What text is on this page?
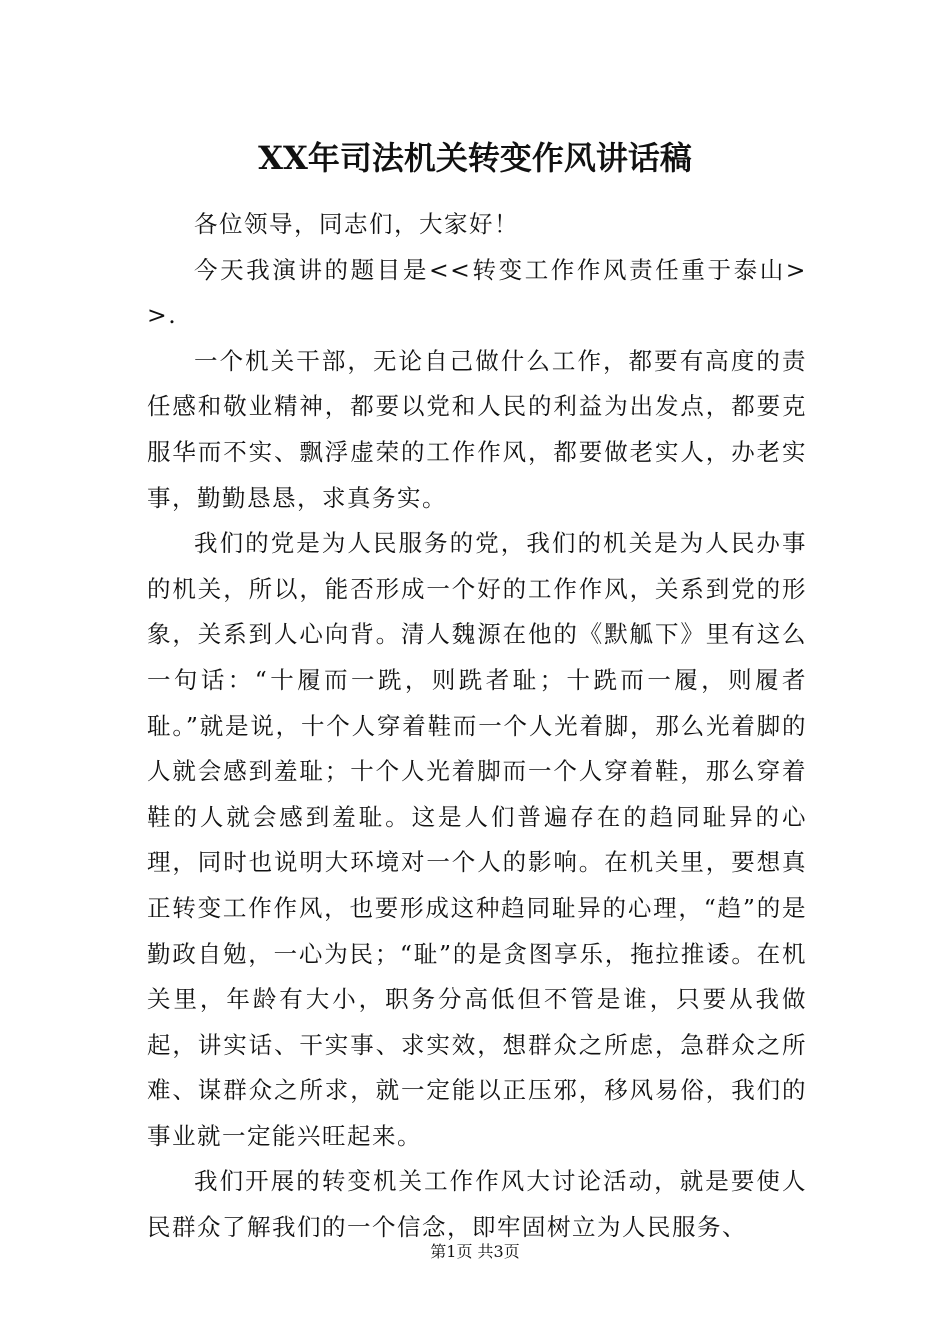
XX年司法机关转变作风讲话稿

各位领导，同志们，大家好！

今天我演讲的题目是<<转变工作作风责任重于泰山>>.

一个机关干部，无论自己做什么工作，都要有高度的责任感和敬业精神，都要以党和人民的利益为出发点，都要克服华而不实、飘浮虚荣的工作作风，都要做老实人，办老实事，勤勤恳恳，求真务实。

我们的党是为人民服务的党，我们的机关是为人民办事的机关，所以，能否形成一个好的工作作风，关系到党的形象，关系到人心向背。清人魏源在他的《默觚下》里有这么一句话：“十履而一跣，则跣者耻；十跣而一履，则履者耻。”就是说，十个人穿着鞋而一个人光着脚，那么光着脚的人就会感到羞耻；十个人光着脚而一个人穿着鞋，那么穿着鞋的人就会感到羞耻。这是人们普遍存在的趋同耻异的心理，同时也说明大环境对一个人的影响。在机关里，要想真正转变工作作风，也要形成这种趋同耻异的心理，“趋”的是勤政自勉，一心为民；“耻”的是贪图享乐，拖拉推诿。在机关里，年龄有大小，职务分高低但不管是谁，只要从我做起，讲实话、干实事、求实效，想群众之所虑，急群众之所难、谋群众之所求，就一定能以正压邪，移风易俗，我们的事业就一定能兴旺起来。

我们开展的转变机关工作作风大讨论活动，就是要使人民群众了解我们的一个信念，即牢固树立为人民服务、

第1页 共3页
